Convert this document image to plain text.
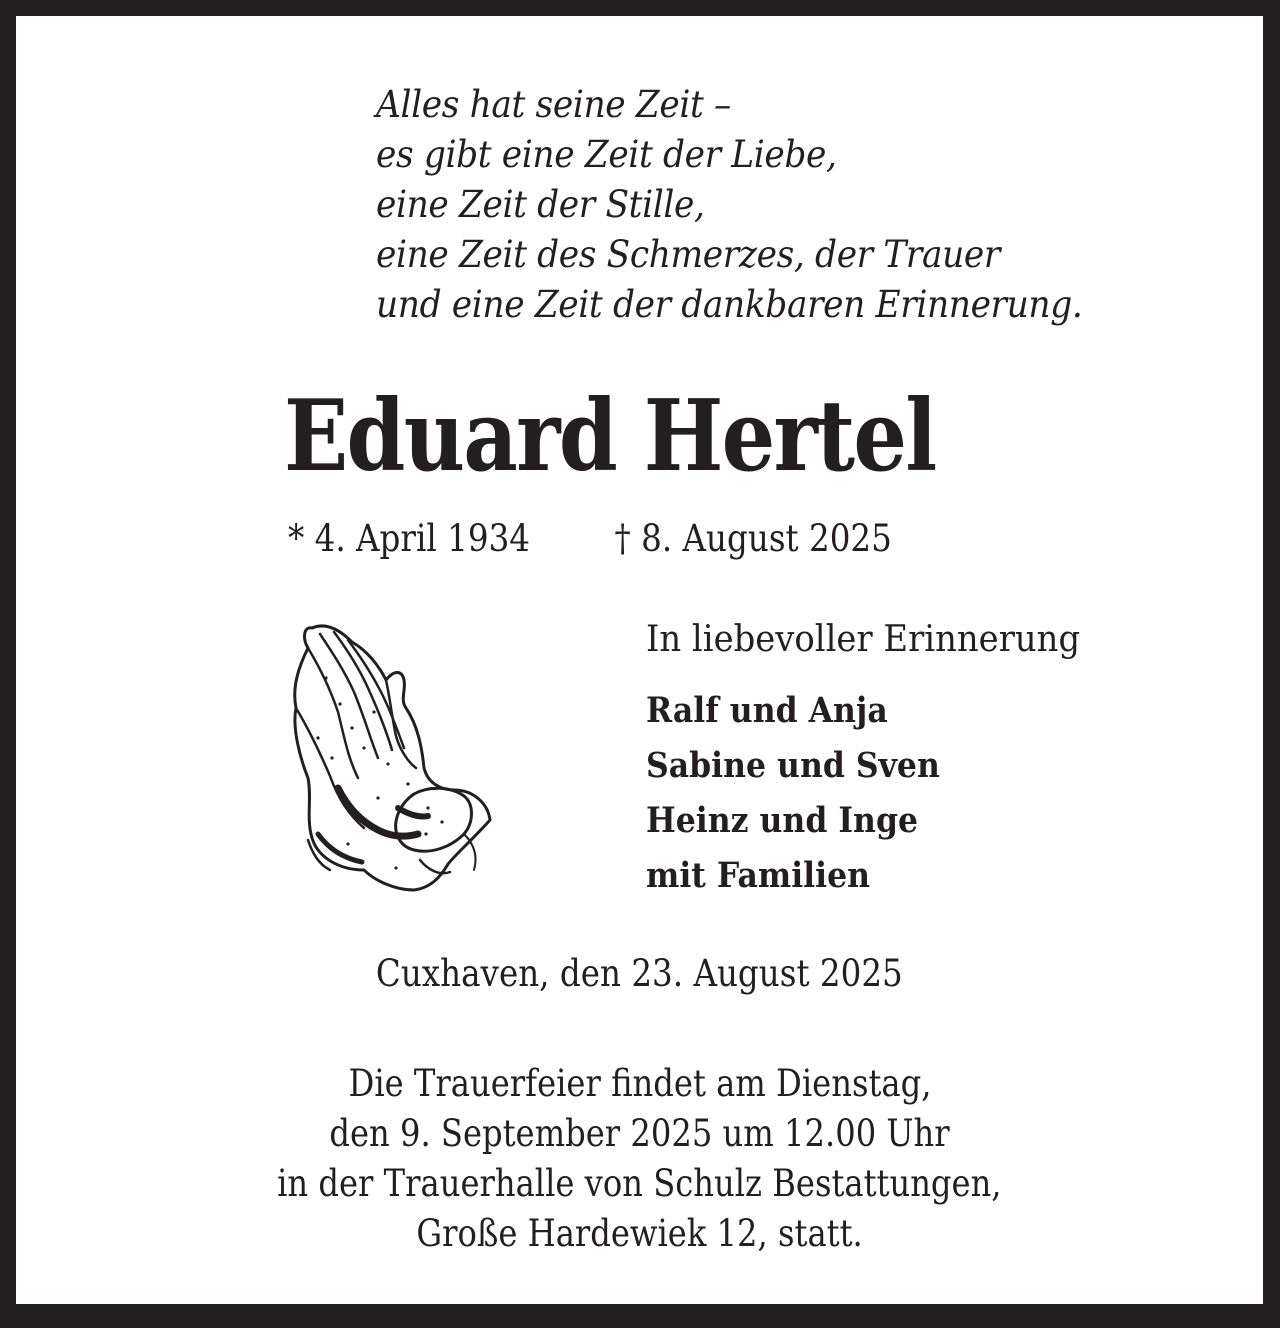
Alles hat seine Zeit –
es gibt eine Zeit der Liebe,
eine Zeit der Stille,
eine Zeit des Schmerzes, der Trauer
und eine Zeit der dankbaren Erinnerung.
Eduard Hertel
* 4. April 1934 † 8. August 2025
In liebevoller Erinnerung
Ralf und Anja
Sabine und Sven
Heinz und Inge
mit Familien
Cuxhaven, den 23. August 2025
Die Trauerfeier findet am Dienstag,
den 9. September 2025 um 12.00 Uhr
in der Trauerhalle von Schulz Bestattungen,
Große Hardewiek 12, statt.
